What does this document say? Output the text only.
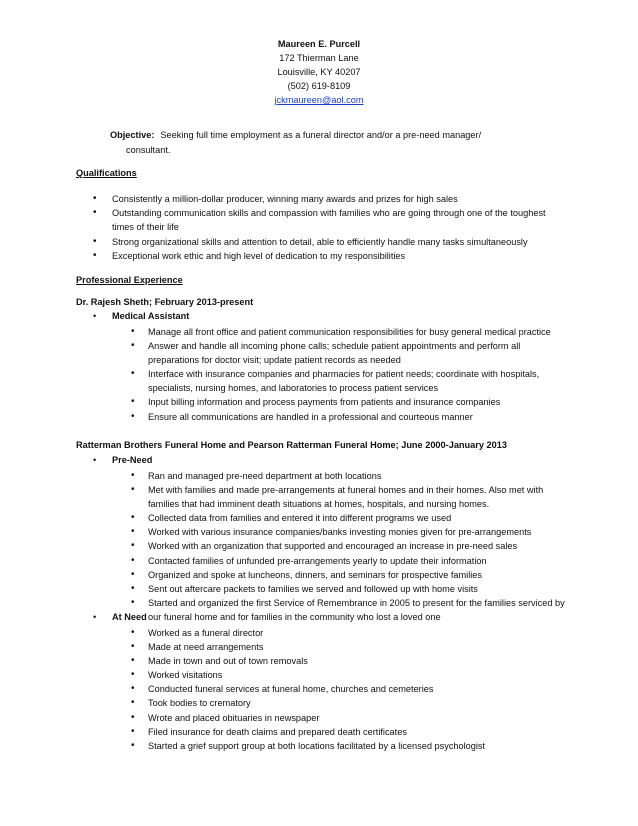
Maureen E. Purcell
172 Thierman Lane
Louisville, KY 40207
(502) 619-8109
jckmaureen@aol.com
Objective: Seeking full time employment as a funeral director and/or a pre-need manager/
consultant.
Qualifications
• Consistently a million-dollar producer, winning many awards and prizes for high sales
• Outstanding communication skills and compassion with families who are going through one of the toughest times of their life
• Strong organizational skills and attention to detail, able to efficiently handle many tasks simultaneously
• Exceptional work ethic and high level of dedication to my responsibilities
Professional Experience
Dr. Rajesh Sheth; February 2013-present
• Medical Assistant
• Manage all front office and patient communication responsibilities for busy general medical practice
• Answer and handle all incoming phone calls; schedule patient appointments and perform all preparations for doctor visit; update patient records as needed
• Interface with insurance companies and pharmacies for patient needs; coordinate with hospitals, specialists, nursing homes, and laboratories to process patient services
• Input billing information and process payments from patients and insurance companies
• Ensure all communications are handled in a professional and courteous manner
Ratterman Brothers Funeral Home and Pearson Ratterman Funeral Home; June 2000-January 2013
• Pre-Need
• Ran and managed pre-need department at both locations
• Met with families and made pre-arrangements at funeral homes and in their homes. Also met with families that had imminent death situations at homes, hospitals, and nursing homes.
• Collected data from families and entered it into different programs we used
• Worked with various insurance companies/banks investing monies given for pre-arrangements
• Worked with an organization that supported and encouraged an increase in pre-need sales
• Contacted families of unfunded pre-arrangements yearly to update their information
• Organized and spoke at luncheons, dinners, and seminars for prospective families
• Sent out aftercare packets to families we served and followed up with home visits
• Started and organized the first Service of Remembrance in 2005 to present for the families serviced by our funeral home and for families in the community who lost a loved one
• At Need
• Worked as a funeral director
• Made at need arrangements
• Made in town and out of town removals
• Worked visitations
• Conducted funeral services at funeral home, churches and cemeteries
• Took bodies to crematory
• Wrote and placed obituaries in newspaper
• Filed insurance for death claims and prepared death certificates
• Started a grief support group at both locations facilitated by a licensed psychologist
